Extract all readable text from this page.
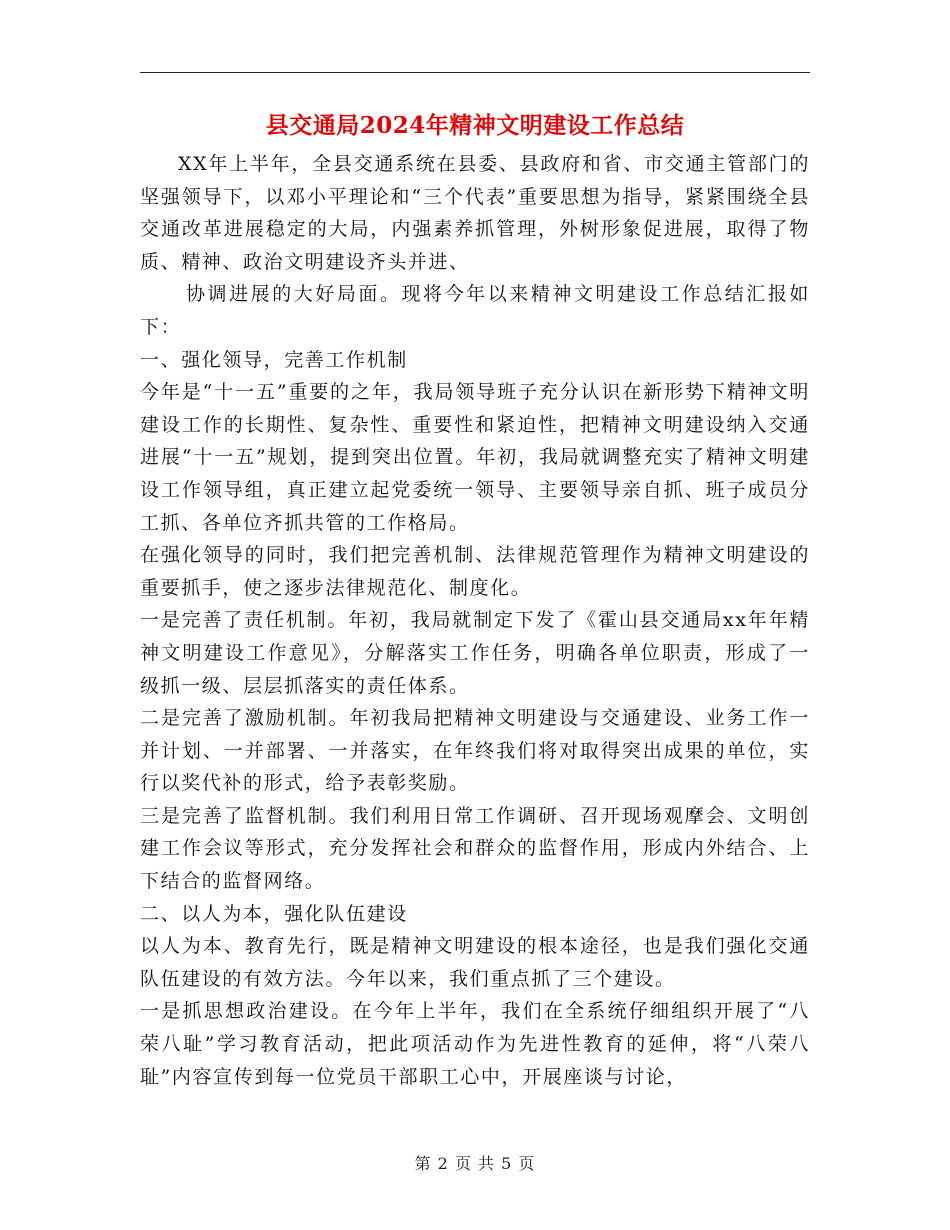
县交通局2024年精神文明建设工作总结

XX年上半年，全县交通系统在县委、县政府和省、市交通主管部门的坚强领导下，以邓小平理论和“三个代表”重要思想为指导，紧紧围绕全县交通改革进展稳定的大局，内强素养抓管理，外树形象促进展，取得了物质、精神、政治文明建设齐头并进、

协调进展的大好局面。现将今年以来精神文明建设工作总结汇报如下：

一、强化领导，完善工作机制

今年是“十一五”重要的之年，我局领导班子充分认识在新形势下精神文明建设工作的长期性、复杂性、重要性和紧迫性，把精神文明建设纳入交通进展“十一五”规划，提到突出位置。年初，我局就调整充实了精神文明建设工作领导组，真正建立起党委统一领导、主要领导亲自抓、班子成员分工抓、各单位齐抓共管的工作格局。

在强化领导的同时，我们把完善机制、法律规范管理作为精神文明建设的重要抓手，使之逐步法律规范化、制度化。

一是完善了责任机制。年初，我局就制定下发了《霍山县交通局xx年年精神文明建设工作意见》，分解落实工作任务，明确各单位职责，形成了一级抓一级、层层抓落实的责任体系。

二是完善了激励机制。年初我局把精神文明建设与交通建设、业务工作一并计划、一并部署、一并落实，在年终我们将对取得突出成果的单位，实行以奖代补的形式，给予表彰奖励。

三是完善了监督机制。我们利用日常工作调研、召开现场观摩会、文明创建工作会议等形式，充分发挥社会和群众的监督作用，形成内外结合、上下结合的监督网络。

二、以人为本，强化队伍建设

以人为本、教育先行，既是精神文明建设的根本途径，也是我们强化交通队伍建设的有效方法。今年以来，我们重点抓了三个建设。

一是抓思想政治建设。在今年上半年，我们在全系统仔细组织开展了“八荣八耻”学习教育活动，把此项活动作为先进性教育的延伸，将“八荣八耻”内容宣传到每一位党员干部职工心中，开展座谈与讨论，

第 2 页 共 5 页
